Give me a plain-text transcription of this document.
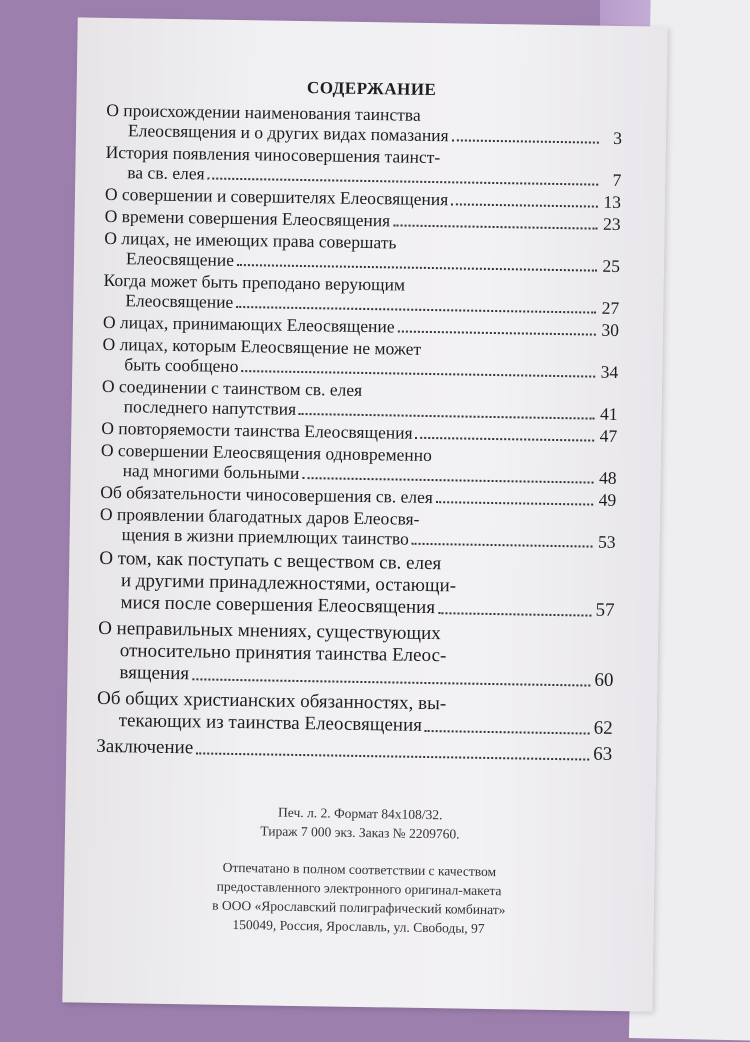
СОДЕРЖАНИЕ
О происхождении наименования таинства
Елеосвящения и о других видах помазания	3
История появления чиносовершения таинст-
ва св. елея	7
О совершении и совершителях Елеосвящения	13
О времени совершения Елеосвящения	23
О лицах, не имеющих права совершать
Елеосвящение	25
Когда может быть преподано верующим
Елеосвящение	27
О лицах, принимающих Елеосвящение	30
О лицах, которым Елеосвящение не может
быть сообщено	34
О соединении с таинством св. елея
последнего напутствия	41
О повторяемости таинства Елеосвящения	47
О совершении Елеосвящения одновременно
над многими больными	48
Об обязательности чиносовершения св. елея	49
О проявлении благодатных даров Елеосвя-
щения в жизни приемлющих таинство	53
О том, как поступать с веществом св. елея
и другими принадлежностями, остающи-
мися после совершения Елеосвящения	57
О неправильных мнениях, существующих
относительно принятия таинства Елеос-
вящения	60
Об общих христианских обязанностях, вы-
текающих из таинства Елеосвящения	62
Заключение	63
Печ. л. 2. Формат 84х108/32.
Тираж 7 000 экз. Заказ № 2209760.
Отпечатано в полном соответствии с качеством
предоставленного электронного оригинал-макета
в ООО «Ярославский полиграфический комбинат»
150049, Россия, Ярославль, ул. Свободы, 97
